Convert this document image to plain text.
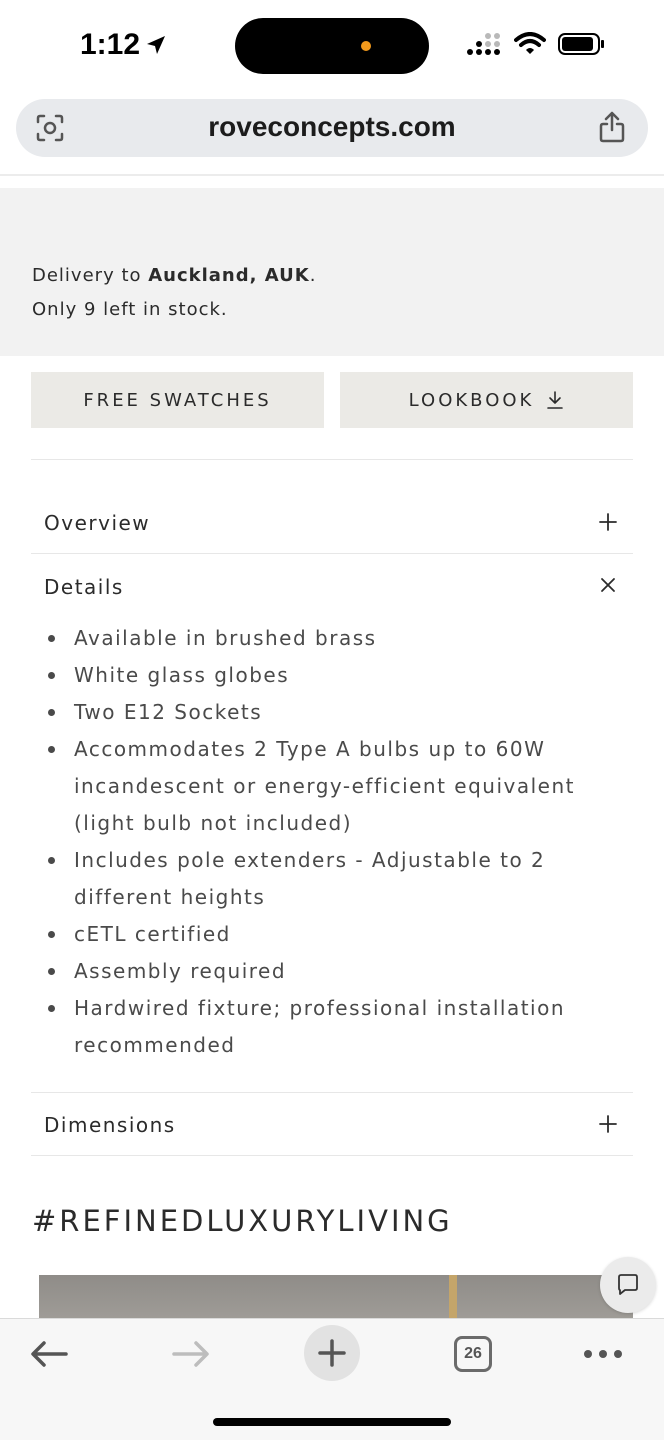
1:12
roveconcepts.com
Delivery to Auckland, AUK.
Only 9 left in stock.
FREE SWATCHES	LOOKBOOK
Overview
Details
Available in brushed brass
White glass globes
Two E12 Sockets
Accommodates 2 Type A bulbs up to 60W incandescent or energy-efficient equivalent (light bulb not included)
Includes pole extenders - Adjustable to 2 different heights
cETL certified
Assembly required
Hardwired fixture; professional installation recommended
Dimensions
#REFINEDLUXURYLIVING
26
